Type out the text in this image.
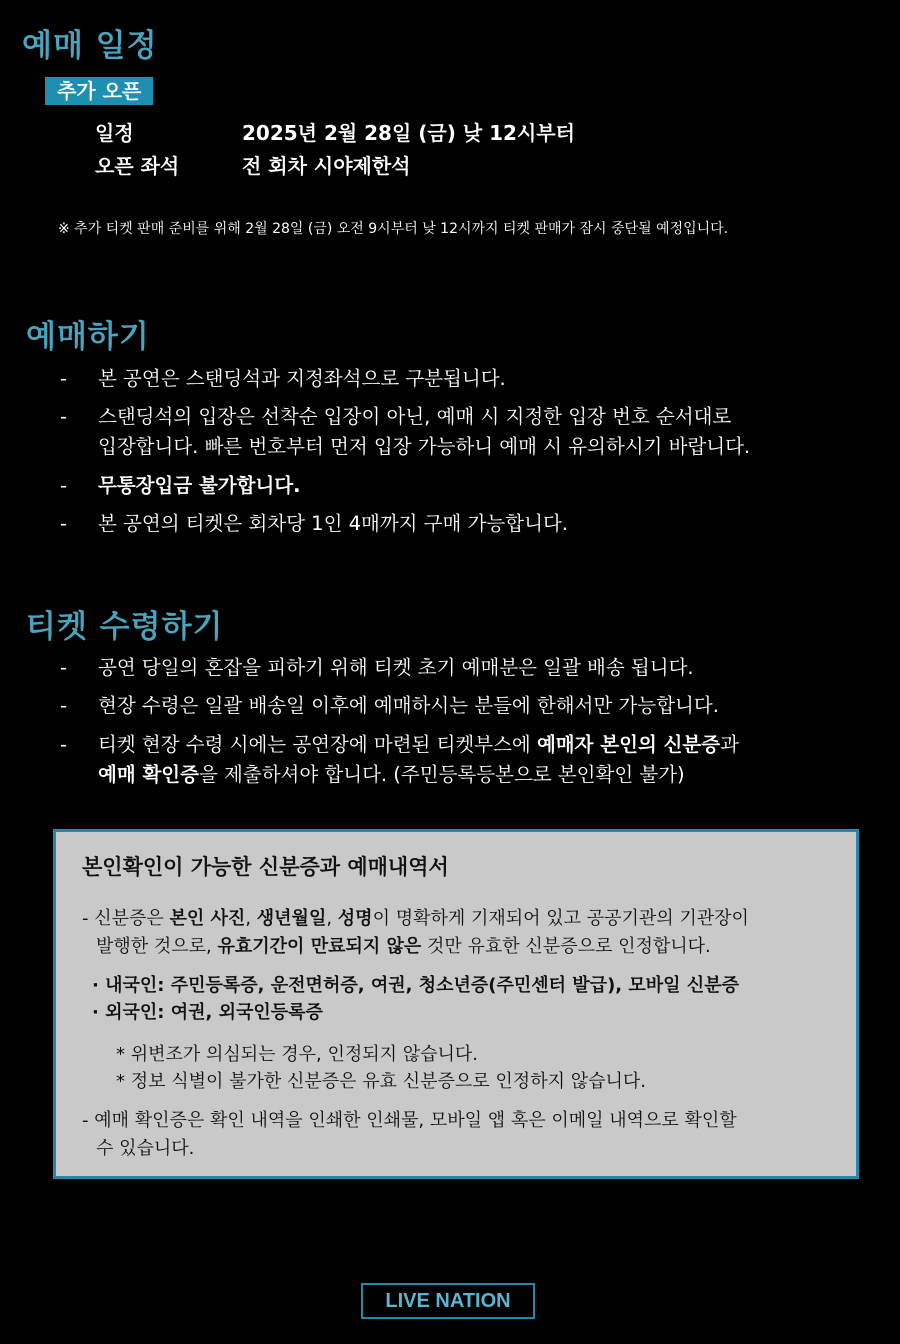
예매 일정
추가 오픈
일정	2025년 2월 28일 (금) 낮 12시부터
오픈 좌석	전 회차 시야제한석
※ 추가 티켓 판매 준비를 위해 2월 28일 (금) 오전 9시부터 낮 12시까지 티켓 판매가 잠시 중단될 예정입니다.
예매하기
- 본 공연은 스탠딩석과 지정좌석으로 구분됩니다.
- 스탠딩석의 입장은 선착순 입장이 아닌, 예매 시 지정한 입장 번호 순서대로
입장합니다. 빠른 번호부터 먼저 입장 가능하니 예매 시 유의하시기 바랍니다.
- 무통장입금 불가합니다.
- 본 공연의 티켓은 회차당 1인 4매까지 구매 가능합니다.
티켓 수령하기
- 공연 당일의 혼잡을 피하기 위해 티켓 초기 예매분은 일괄 배송 됩니다.
- 현장 수령은 일괄 배송일 이후에 예매하시는 분들에 한해서만 가능합니다.
- 티켓 현장 수령 시에는 공연장에 마련된 티켓부스에 예매자 본인의 신분증과
예매 확인증을 제출하셔야 합니다. (주민등록등본으로 본인확인 불가)
본인확인이 가능한 신분증과 예매내역서
- 신분증은 본인 사진, 생년월일, 성명이 명확하게 기재되어 있고 공공기관의 기관장이
발행한 것으로, 유효기간이 만료되지 않은 것만 유효한 신분증으로 인정합니다.
· 내국인: 주민등록증, 운전면허증, 여권, 청소년증(주민센터 발급), 모바일 신분증
· 외국인: 여권, 외국인등록증
* 위변조가 의심되는 경우, 인정되지 않습니다.
* 정보 식별이 불가한 신분증은 유효 신분증으로 인정하지 않습니다.
- 예매 확인증은 확인 내역을 인쇄한 인쇄물, 모바일 앱 혹은 이메일 내역으로 확인할
수 있습니다.
LIVE NATION
